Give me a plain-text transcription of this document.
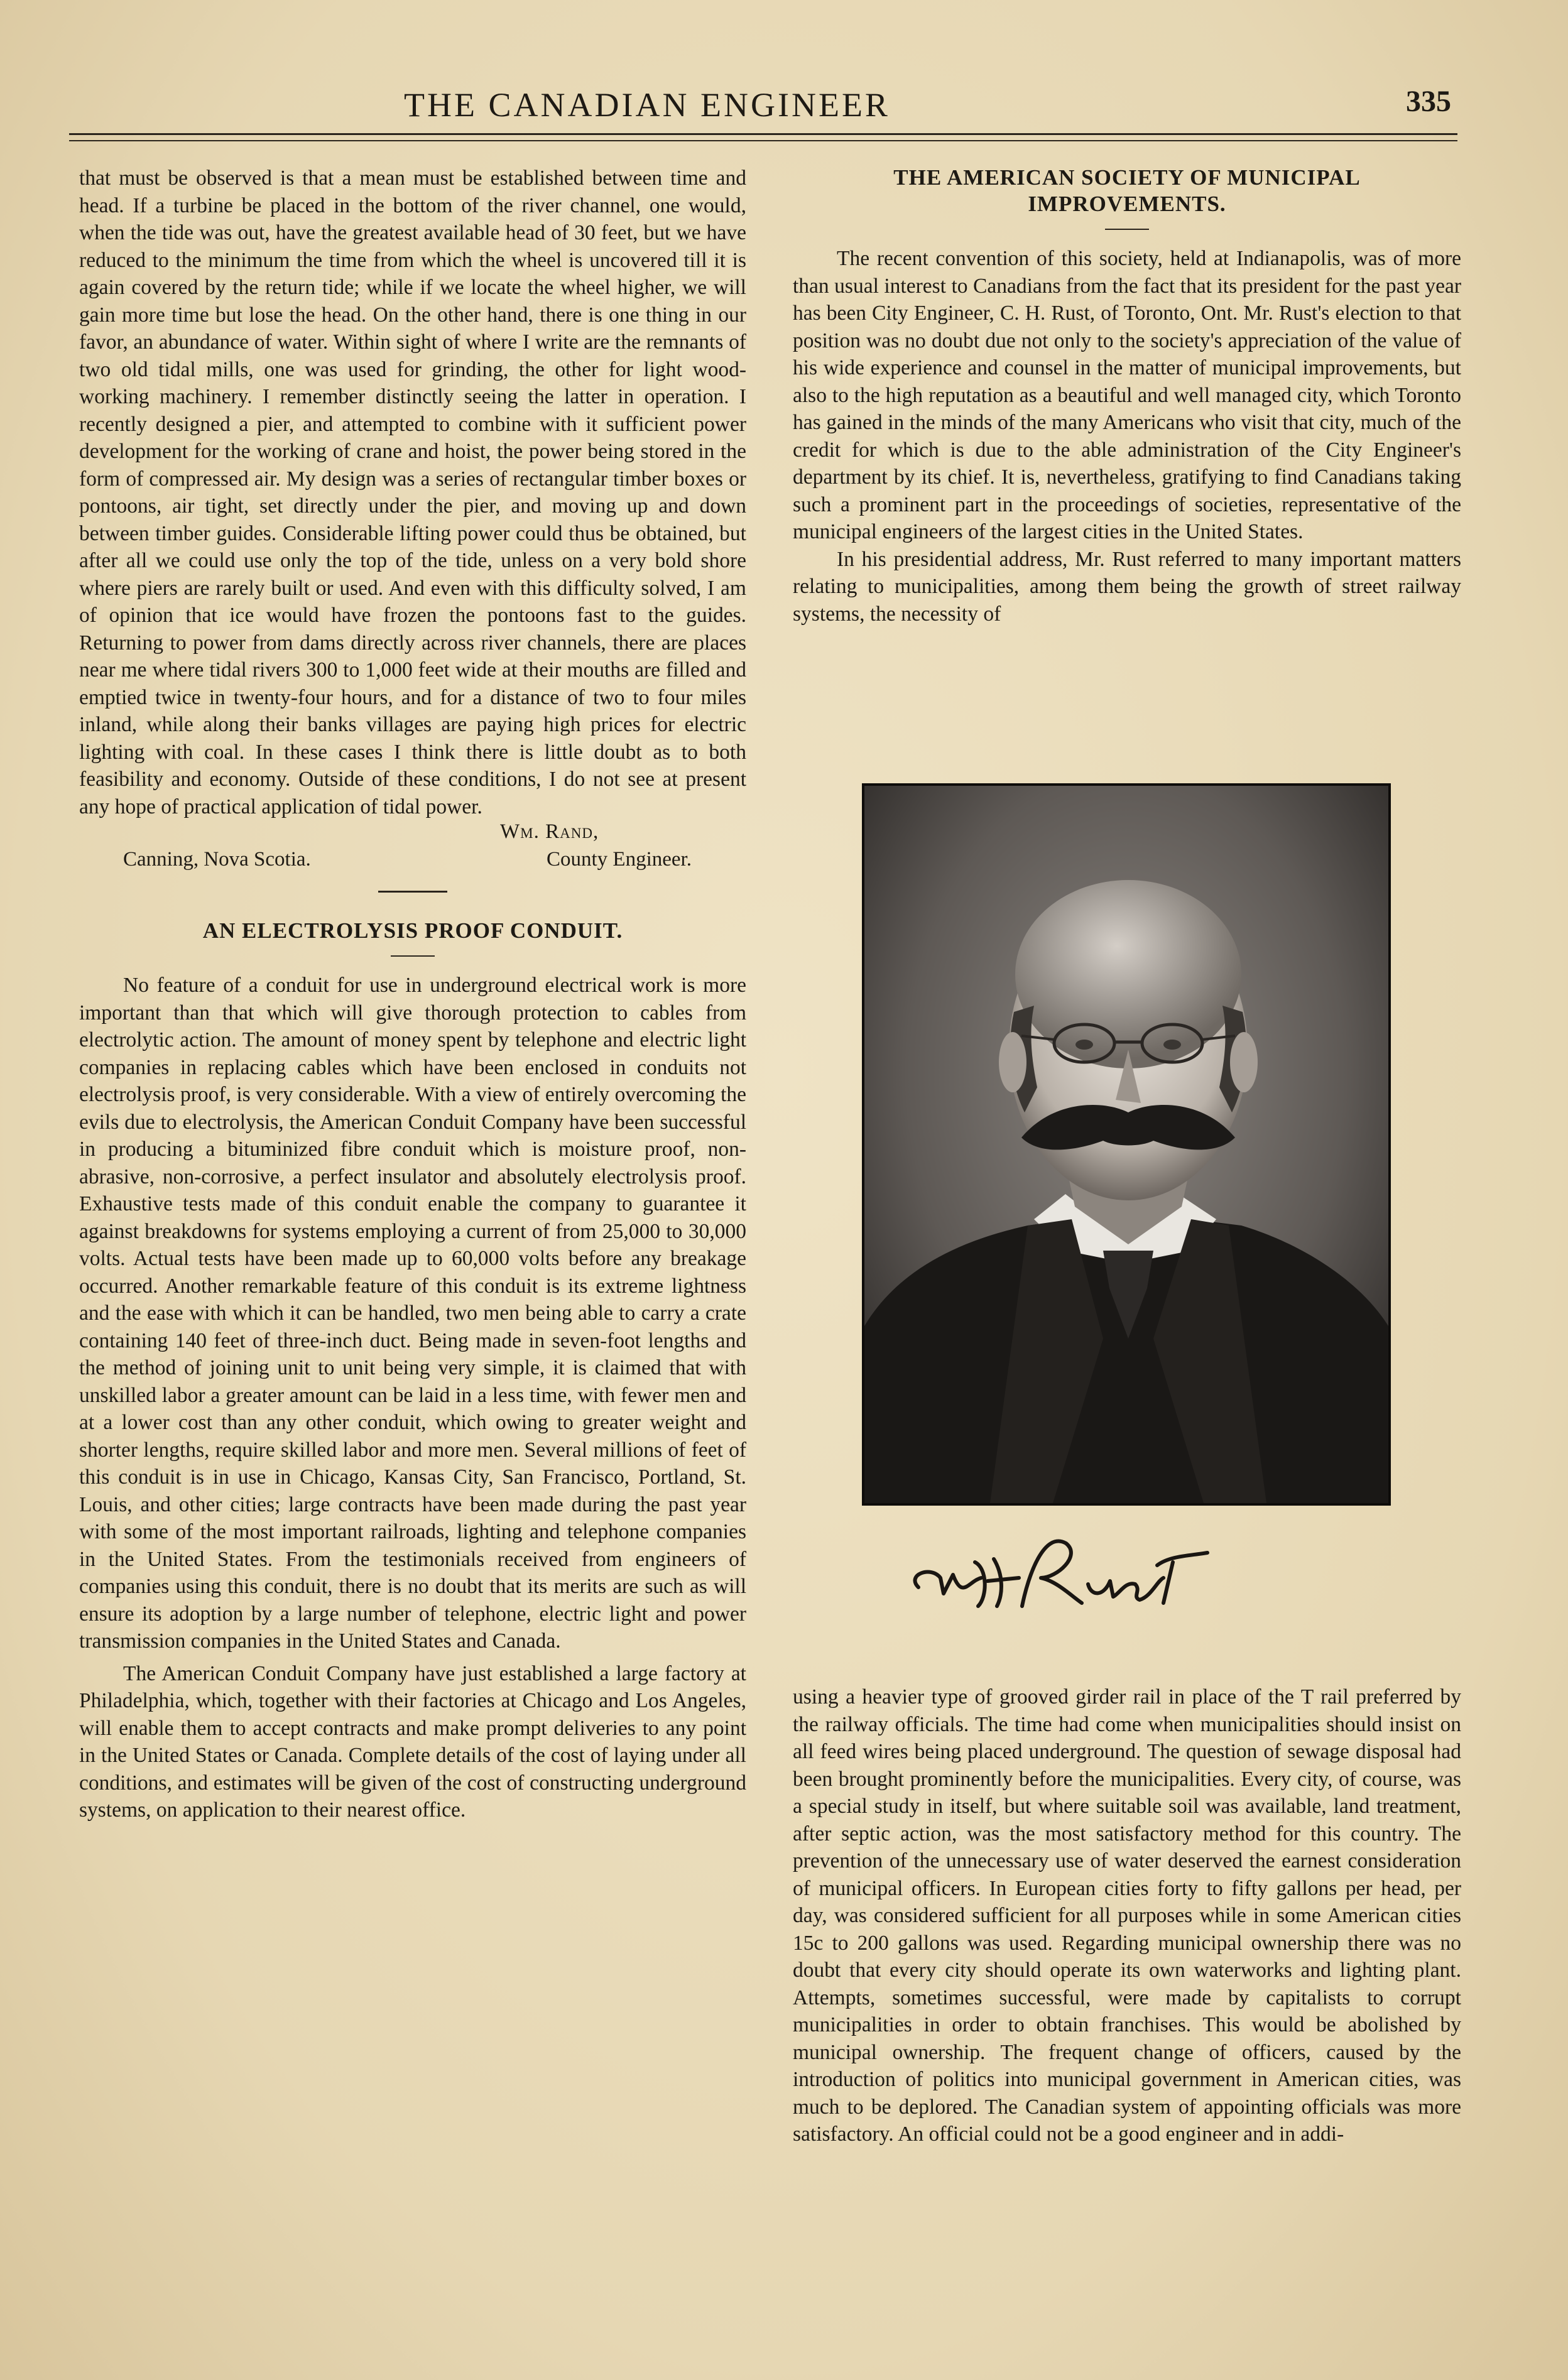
THE CANADIAN ENGINEER	335

that must be observed is that a mean must be established between time and head. If a turbine be placed in the bottom of the river channel, one would, when the tide was out, have the greatest available head of 30 feet, but we have reduced to the minimum the time from which the wheel is uncovered till it is again covered by the return tide; while if we locate the wheel higher, we will gain more time but lose the head. On the other hand, there is one thing in our favor, an abundance of water. Within sight of where I write are the remnants of two old tidal mills, one was used for grinding, the other for light wood-working machinery. I remember distinctly seeing the latter in operation. I recently designed a pier, and attempted to combine with it sufficient power development for the working of crane and hoist, the power being stored in the form of compressed air. My design was a series of rectangular timber boxes or pontoons, air tight, set directly under the pier, and moving up and down between timber guides. Considerable lifting power could thus be obtained, but after all we could use only the top of the tide, unless on a very bold shore where piers are rarely built or used. And even with this difficulty solved, I am of opinion that ice would have frozen the pontoons fast to the guides. Returning to power from dams directly across river channels, there are places near me where tidal rivers 300 to 1,000 feet wide at their mouths are filled and emptied twice in twenty-four hours, and for a distance of two to four miles inland, while along their banks villages are paying high prices for electric lighting with coal. In these cases I think there is little doubt as to both feasibility and economy. Outside of these conditions, I do not see at present any hope of practical application of tidal power.

Wm. Rand,
Canning, Nova Scotia.	County Engineer.
AN ELECTROLYSIS PROOF CONDUIT.

No feature of a conduit for use in underground electrical work is more important than that which will give thorough protection to cables from electrolytic action. The amount of money spent by telephone and electric light companies in replacing cables which have been enclosed in conduits not electrolysis proof, is very considerable. With a view of entirely overcoming the evils due to electrolysis, the American Conduit Company have been successful in producing a bituminized fibre conduit which is moisture proof, non-abrasive, non-corrosive, a perfect insulator and absolutely electrolysis proof. Exhaustive tests made of this conduit enable the company to guarantee it against breakdowns for systems employing a current of from 25,000 to 30,000 volts. Actual tests have been made up to 60,000 volts before any breakage occurred. Another remarkable feature of this conduit is its extreme lightness and the ease with which it can be handled, two men being able to carry a crate containing 140 feet of three-inch duct. Being made in seven-foot lengths and the method of joining unit to unit being very simple, it is claimed that with unskilled labor a greater amount can be laid in a less time, with fewer men and at a lower cost than any other conduit, which owing to greater weight and shorter lengths, require skilled labor and more men. Several millions of feet of this conduit is in use in Chicago, Kansas City, San Francisco, Portland, St. Louis, and other cities; large contracts have been made during the past year with some of the most important railroads, lighting and telephone companies in the United States. From the testimonials received from engineers of companies using this conduit, there is no doubt that its merits are such as will ensure its adoption by a large number of telephone, electric light and power transmission companies in the United States and Canada.

The American Conduit Company have just established a large factory at Philadelphia, which, together with their factories at Chicago and Los Angeles, will enable them to accept contracts and make prompt deliveries to any point in the United States or Canada. Complete details of the cost of laying under all conditions, and estimates will be given of the cost of constructing underground systems, on application to their nearest office.

THE AMERICAN SOCIETY OF MUNICIPAL IMPROVEMENTS.

The recent convention of this society, held at Indianapolis, was of more than usual interest to Canadians from the fact that its president for the past year has been City Engineer, C. H. Rust, of Toronto, Ont. Mr. Rust's election to that position was no doubt due not only to the society's appreciation of the value of his wide experience and counsel in the matter of municipal improvements, but also to the high reputation as a beautiful and well managed city, which Toronto has gained in the minds of the many Americans who visit that city, much of the credit for which is due to the able administration of the City Engineer's department by its chief. It is, nevertheless, gratifying to find Canadians taking such a prominent part in the proceedings of societies, representative of the municipal engineers of the largest cities in the United States.

In his presidential address, Mr. Rust referred to many important matters relating to municipalities, among them being the growth of street railway systems, the necessity of

using a heavier type of grooved girder rail in place of the T rail preferred by the railway officials. The time had come when municipalities should insist on all feed wires being placed underground. The question of sewage disposal had been brought prominently before the municipalities. Every city, of course, was a special study in itself, but where suitable soil was available, land treatment, after septic action, was the most satisfactory method for this country. The prevention of the unnecessary use of water deserved the earnest consideration of municipal officers. In European cities forty to fifty gallons per head, per day, was considered sufficient for all purposes while in some American cities 15c to 200 gallons was used. Regarding municipal ownership there was no doubt that every city should operate its own waterworks and lighting plant. Attempts, sometimes successful, were made by capitalists to corrupt municipalities in order to obtain franchises. This would be abolished by municipal ownership. The frequent change of officers, caused by the introduction of politics into municipal government in American cities, was much to be deplored. The Canadian system of appointing officials was more satisfactory. An official could not be a good engineer and in addi-
